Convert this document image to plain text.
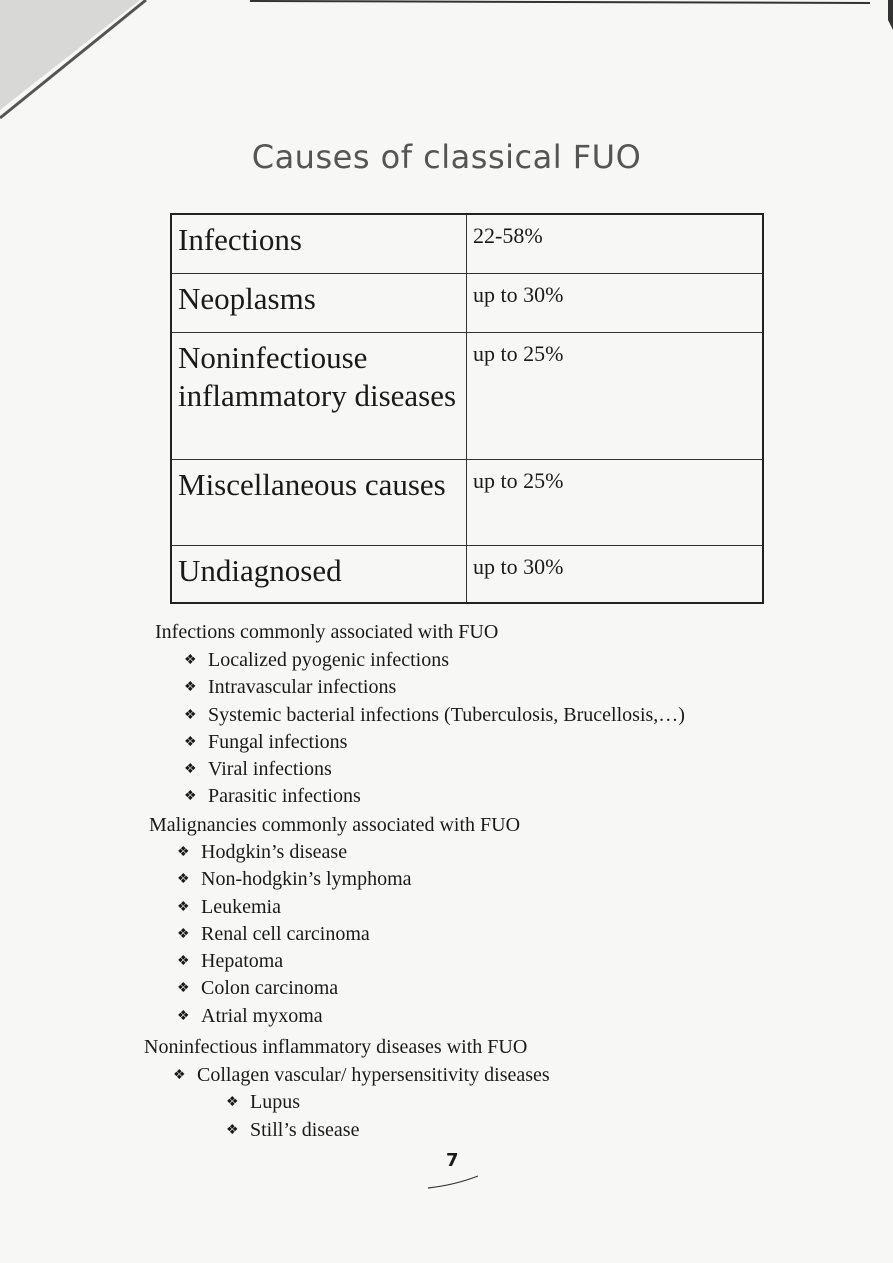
Causes of classical FUO
Infections	22-58%
Neoplasms	up to 30%
Noninfectiouse inflammatory diseases	up to 25%
Miscellaneous causes	up to 25%
Undiagnosed	up to 30%
Infections commonly associated with FUO
❖ Localized pyogenic infections
❖ Intravascular infections
❖ Systemic bacterial infections (Tuberculosis, Brucellosis,…)
❖ Fungal infections
❖ Viral infections
❖ Parasitic infections
Malignancies commonly associated with FUO
❖ Hodgkin’s disease
❖ Non-hodgkin’s lymphoma
❖ Leukemia
❖ Renal cell carcinoma
❖ Hepatoma
❖ Colon carcinoma
❖ Atrial myxoma
Noninfectious inflammatory diseases with FUO
❖ Collagen vascular/ hypersensitivity diseases
❖ Lupus
❖ Still’s disease
7
